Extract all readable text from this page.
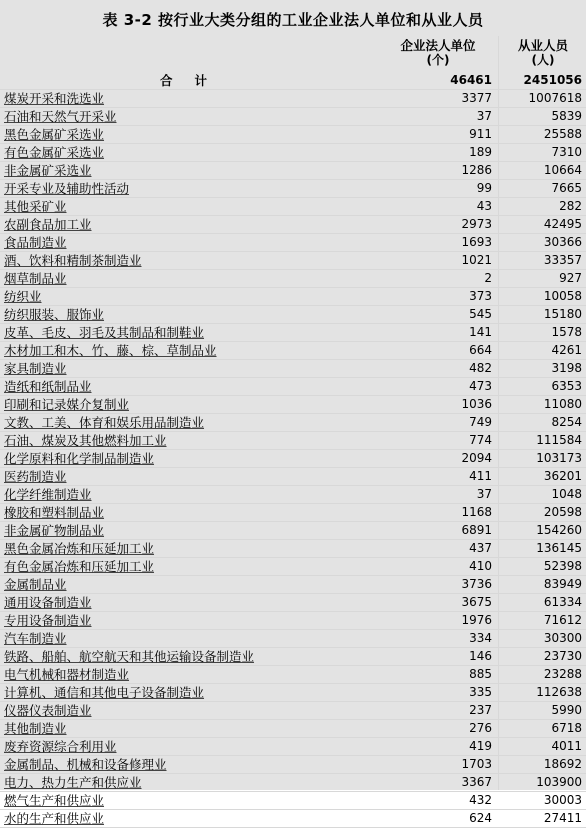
表 3-2 按行业大类分组的工业企业法人单位和从业人员
企业法人单位
(个)
从业人员
(人)
合计	46461	2451056
煤炭开采和洗选业	3377	1007618
石油和天然气开采业	37	5839
黑色金属矿采选业	911	25588
有色金属矿采选业	189	7310
非金属矿采选业	1286	10664
开采专业及辅助性活动	99	7665
其他采矿业	43	282
农副食品加工业	2973	42495
食品制造业	1693	30366
酒、饮料和精制茶制造业	1021	33357
烟草制品业	2	927
纺织业	373	10058
纺织服装、服饰业	545	15180
皮革、毛皮、羽毛及其制品和制鞋业	141	1578
木材加工和木、竹、藤、棕、草制品业	664	4261
家具制造业	482	3198
造纸和纸制品业	473	6353
印刷和记录媒介复制业	1036	11080
文教、工美、体育和娱乐用品制造业	749	8254
石油、煤炭及其他燃料加工业	774	111584
化学原料和化学制品制造业	2094	103173
医药制造业	411	36201
化学纤维制造业	37	1048
橡胶和塑料制品业	1168	20598
非金属矿物制品业	6891	154260
黑色金属冶炼和压延加工业	437	136145
有色金属冶炼和压延加工业	410	52398
金属制品业	3736	83949
通用设备制造业	3675	61334
专用设备制造业	1976	71612
汽车制造业	334	30300
铁路、船舶、航空航天和其他运输设备制造业	146	23730
电气机械和器材制造业	885	23288
计算机、通信和其他电子设备制造业	335	112638
仪器仪表制造业	237	5990
其他制造业	276	6718
废弃资源综合利用业	419	4011
金属制品、机械和设备修理业	1703	18692
电力、热力生产和供应业	3367	103900
燃气生产和供应业	432	30003
水的生产和供应业	624	27411
